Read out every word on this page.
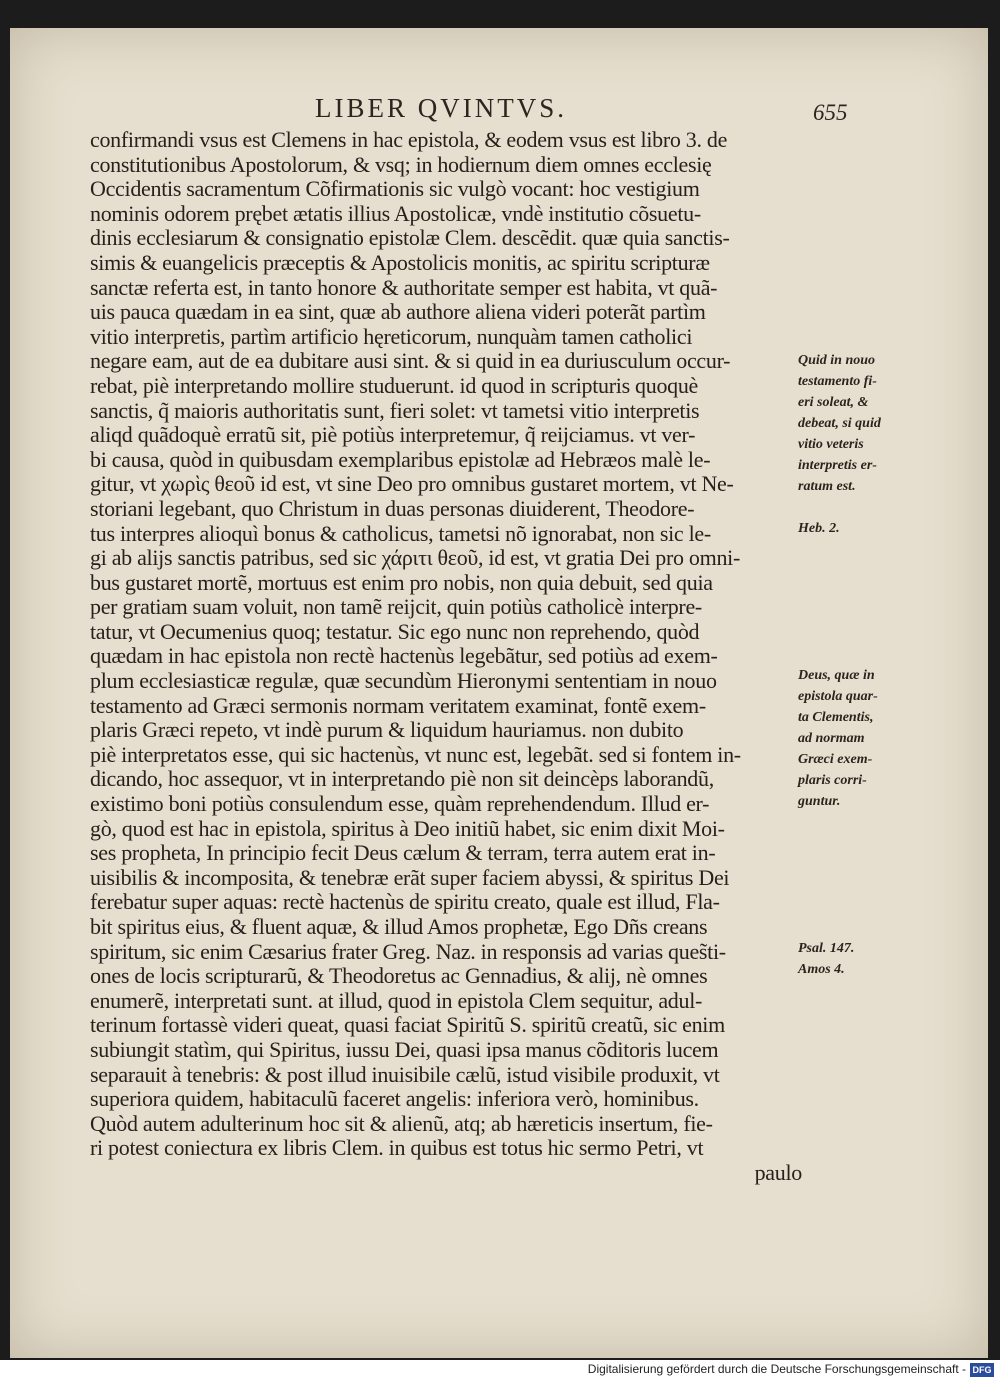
LIBER QVINTVS.	655
confirmandi vsus est Clemens in hac epistola, & eodem vsus est libro 3. de
constitutionibus Apostolorum, & vsq; in hodiernum diem omnes ecclesię
Occidentis sacramentum Cõfirmationis sic vulgò vocant: hoc vestigium
nominis odorem prębet ætatis illius Apostolicæ, vndè institutio cõsuetu-
dinis ecclesiarum & consignatio epistolæ Clem. descẽdit. quæ quia sanctis-
simis & euangelicis præceptis & Apostolicis monitis, ac spiritu scripturæ
sanctæ referta est, in tanto honore & authoritate semper est habita, vt quã-
uis pauca quædam in ea sint, quæ ab authore aliena videri poterãt partìm
vitio interpretis, partìm artificio hęreticorum, nunquàm tamen catholici
negare eam, aut de ea dubitare ausi sint. & si quid in ea duriusculum occur-
rebat, piè interpretando mollire studuerunt. id quod in scripturis quoquè
sanctis, q̃ maioris authoritatis sunt, fieri solet: vt tametsi vitio interpretis
aliqd quãdoquè erratũ sit, piè potiùs interpretemur, q̃ reijciamus. vt ver-
bi causa, quòd in quibusdam exemplaribus epistolæ ad Hebræos malè le-
gitur, vt χωρὶς θεοῦ id est, vt sine Deo pro omnibus gustaret mortem, vt Ne-
storiani legebant, quo Christum in duas personas diuiderent, Theodore-
tus interpres alioquì bonus & catholicus, tametsi nõ ignorabat, non sic le-
gi ab alijs sanctis patribus, sed sic χάριτι θεοῦ, id est, vt gratia Dei pro omni-
bus gustaret mortẽ, mortuus est enim pro nobis, non quia debuit, sed quia
per gratiam suam voluit, non tamẽ reijcit, quin potiùs catholicè interpre-
tatur, vt Oecumenius quoq; testatur. Sic ego nunc non reprehendo, quòd
quædam in hac epistola non rectè hactenùs legebãtur, sed potiùs ad exem-
plum ecclesiasticæ regulæ, quæ secundùm Hieronymi sententiam in nouo
testamento ad Græci sermonis normam veritatem examinat, fontẽ exem-
plaris Græci repeto, vt indè purum & liquidum hauriamus. non dubito
piè interpretatos esse, qui sic hactenùs, vt nunc est, legebãt. sed si fontem in-
dicando, hoc assequor, vt in interpretando piè non sit deincèps laborandũ,
existimo boni potiùs consulendum esse, quàm reprehendendum. Illud er-
gò, quod est hac in epistola, spiritus à Deo initiũ habet, sic enim dixit Moi-
ses propheta, In principio fecit Deus cælum & terram, terra autem erat in-
uisibilis & incomposita, & tenebræ erãt super faciem abyssi, & spiritus Dei
ferebatur super aquas: rectè hactenùs de spiritu creato, quale est illud, Fla-
bit spiritus eius, & fluent aquæ, & illud Amos prophetæ, Ego Dñs creans
spiritum, sic enim Cæsarius frater Greg. Naz. in responsis ad varias ques̃ti-
ones de locis scripturarũ, & Theodoretus ac Gennadius, & alij, nè omnes
enumerẽ, interpretati sunt. at illud, quod in epistola Clem sequitur, adul-
terinum fortassè videri queat, quasi faciat Spiritũ S. spiritũ creatũ, sic enim
subiungit statìm, qui Spiritus, iussu Dei, quasi ipsa manus cõditoris lucem
separauit à tenebris: & post illud inuisibile cælũ, istud visibile produxit, vt
superiora quidem, habitaculũ faceret angelis: inferiora verò, hominibus.
Quòd autem adulterinum hoc sit & alienũ, atq; ab hæreticis insertum, fie-
ri potest coniectura ex libris Clem. in quibus est totus hic sermo Petri, vt
paulo
Quid in nouo
testamento fi-
eri soleat, &
debeat, si quid
vitio veteris
interpretis er-
ratum est.
Heb. 2.
Deus, quæ in
epistola quar-
ta Clementis,
ad normam
Græci exem-
plaris corri-
guntur.
Psal. 147.
Amos 4.
Digitalisierung gefördert durch die Deutsche Forschungsgemeinschaft - DFG
